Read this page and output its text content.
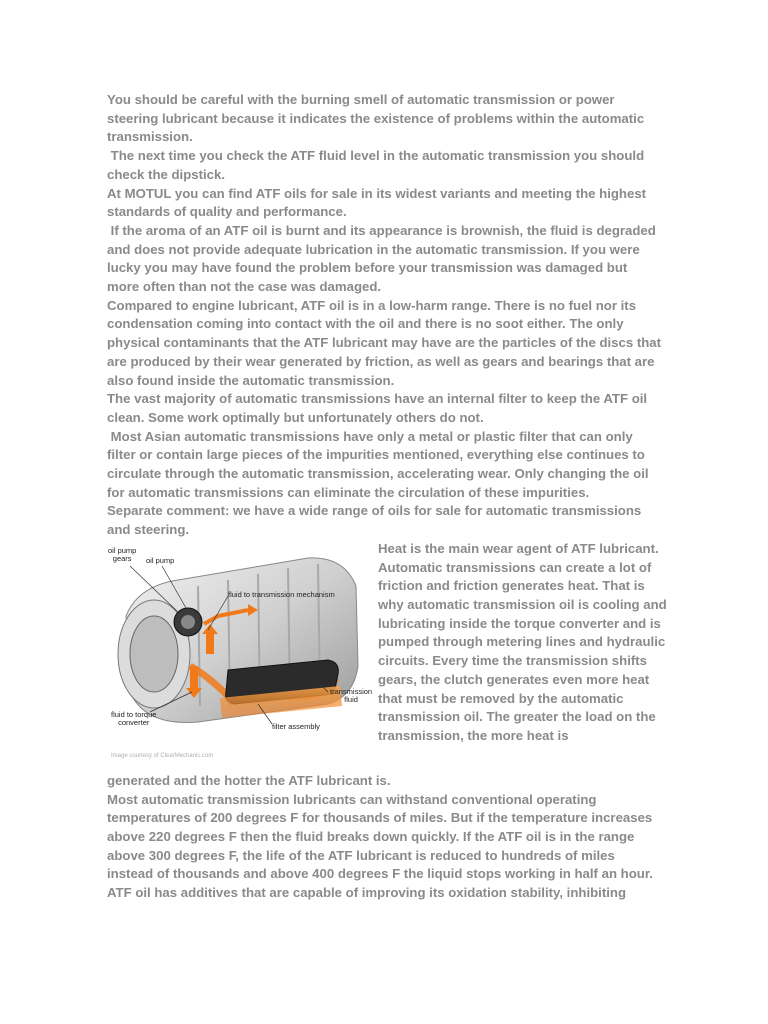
You should be careful with the burning smell of automatic transmission or power steering lubricant because it indicates the existence of problems within the automatic transmission.

The next time you check the ATF fluid level in the automatic transmission you should check the dipstick.

At MOTUL you can find ATF oils for sale in its widest variants and meeting the highest standards of quality and performance.

If the aroma of an ATF oil is burnt and its appearance is brownish, the fluid is degraded and does not provide adequate lubrication in the automatic transmission. If you were lucky you may have found the problem before your transmission was damaged but more often than not the case was damaged.

Compared to engine lubricant, ATF oil is in a low-harm range. There is no fuel nor its condensation coming into contact with the oil and there is no soot either. The only physical contaminants that the ATF lubricant may have are the particles of the discs that are produced by their wear generated by friction, as well as gears and bearings that are also found inside the automatic transmission.

The vast majority of automatic transmissions have an internal filter to keep the ATF oil clean. Some work optimally but unfortunately others do not.

Most Asian automatic transmissions have only a metal or plastic filter that can only filter or contain large pieces of the impurities mentioned, everything else continues to circulate through the automatic transmission, accelerating wear. Only changing the oil for automatic transmissions can eliminate the circulation of these impurities.

Separate comment: we have a wide range of oils for sale for automatic transmissions and steering.

oil pump
gears	oil pump
fluid to transmission mechanism
transmission
fluid
fluid to torque
converter	filter assembly
Image courtesy of ClearMechanic.com

Heat is the main wear agent of ATF lubricant. Automatic transmissions can create a lot of friction and friction generates heat. That is why automatic transmission oil is cooling and lubricating inside the torque converter and is pumped through metering lines and hydraulic circuits. Every time the transmission shifts gears, the clutch generates even more heat that must be removed by the automatic transmission oil. The greater the load on the transmission, the more heat is

generated and the hotter the ATF lubricant is.

Most automatic transmission lubricants can withstand conventional operating temperatures of 200 degrees F for thousands of miles. But if the temperature increases above 220 degrees F then the fluid breaks down quickly. If the ATF oil is in the range above 300 degrees F, the life of the ATF lubricant is reduced to hundreds of miles instead of thousands and above 400 degrees F the liquid stops working in half an hour.

ATF oil has additives that are capable of improving its oxidation stability, inhibiting
